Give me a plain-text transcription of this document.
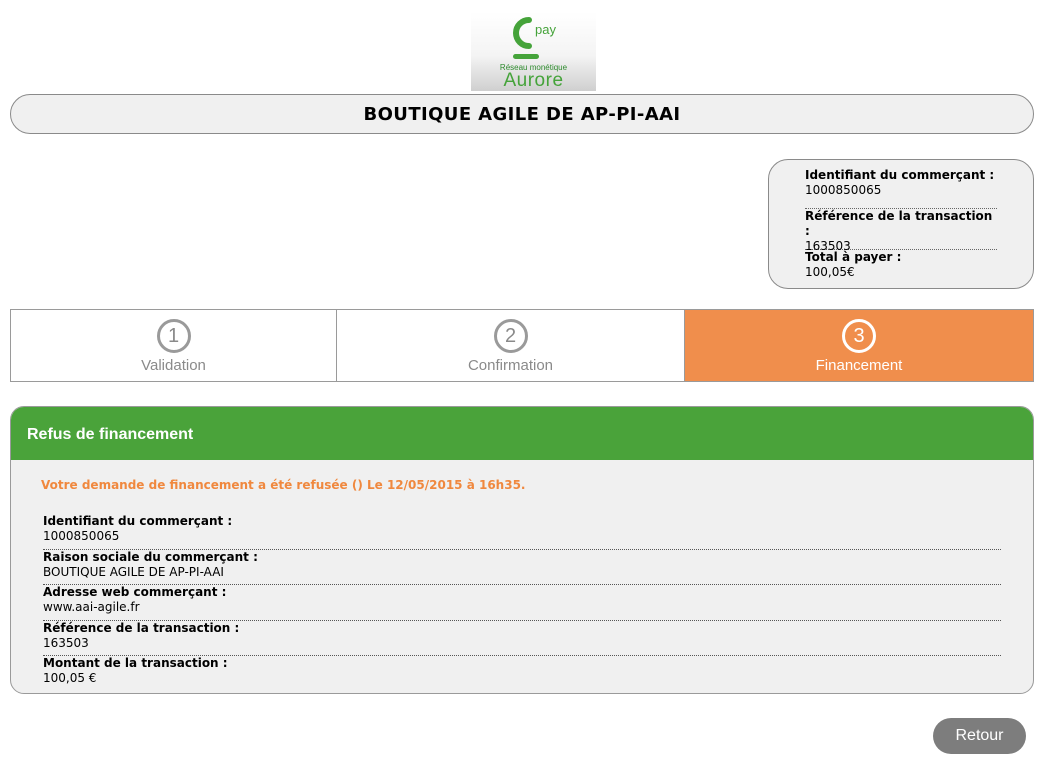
pay
Réseau monétique
Aurore
BOUTIQUE AGILE DE AP-PI-AAI
Identifiant du commerçant :
1000850065
Référence de la transaction :
163503
Total à payer :
100,05€
1
Validation
2
Confirmation
3
Financement
Refus de financement
Votre demande de financement a été refusée () Le 12/05/2015 à 16h35.
Identifiant du commerçant :
1000850065
Raison sociale du commerçant :
BOUTIQUE AGILE DE AP-PI-AAI
Adresse web commerçant :
www.aai-agile.fr
Référence de la transaction :
163503
Montant de la transaction :
100,05 €
Retour
